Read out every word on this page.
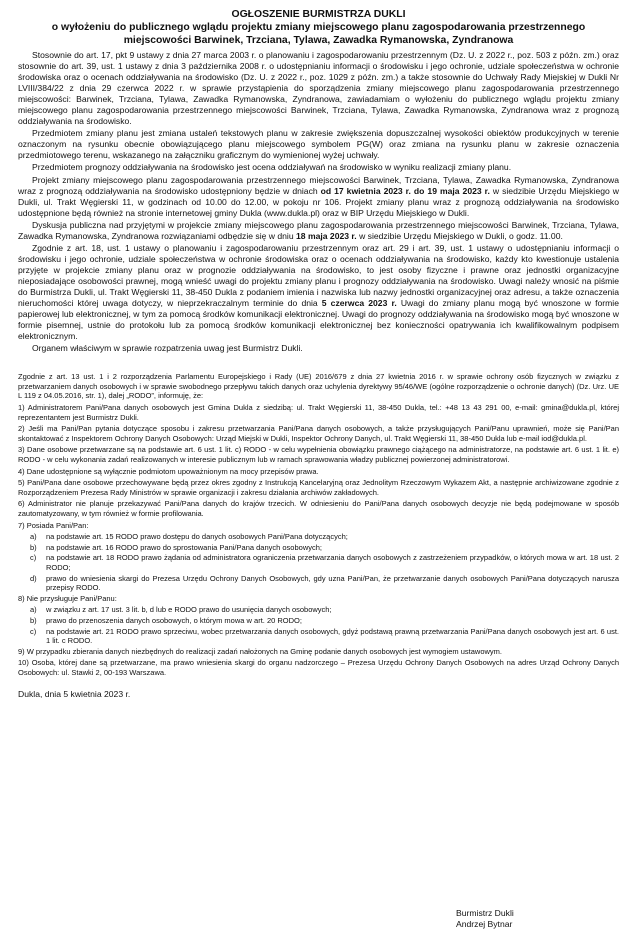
OGŁOSZENIE BURMISTRZA DUKLI
o wyłożeniu do publicznego wglądu projektu zmiany miejscowego planu zagospodarowania przestrzennego miejscowości Barwinek, Trzciana, Tylawa, Zawadka Rymanowska, Zyndranowa

Stosownie do art. 17, pkt 9 ustawy z dnia 27 marca 2003 r. o planowaniu i zagospodarowaniu przestrzennym (Dz. U. z 2022 r., poz. 503 z późn. zm.) oraz stosownie do art. 39, ust. 1 ustawy z dnia 3 października 2008 r. o udostępnianiu informacji o środowisku i jego ochronie, udziale społeczeństwa w ochronie środowiska oraz o ocenach oddziaływania na środowisko (Dz. U. z 2022 r., poz. 1029 z późn. zm.) a także stosownie do Uchwały Rady Miejskiej w Dukli Nr LVIII/384/22 z dnia 29 czerwca 2022 r. w sprawie przystąpienia do sporządzenia zmiany miejscowego planu zagospodarowania przestrzennego miejscowości: Barwinek, Trzciana, Tylawa, Zawadka Rymanowska, Zyndranowa, zawiadamiam o wyłożeniu do publicznego wglądu projektu zmiany miejscowego planu zagospodarowania przestrzennego miejscowości Barwinek, Trzciana, Tylawa, Zawadka Rymanowska, Zyndranowa wraz z prognozą oddziaływania na środowisko.

Przedmiotem zmiany planu jest zmiana ustaleń tekstowych planu w zakresie zwiększenia dopuszczalnej wysokości obiektów produkcyjnych w terenie oznaczonym na rysunku obecnie obowiązującego planu miejscowego symbolem PG(W) oraz zmiana na rysunku planu w zakresie oznaczenia przedmiotowego terenu, wskazanego na załączniku graficznym do wymienionej wyżej uchwały.

Przedmiotem prognozy oddziaływania na środowisko jest ocena oddziaływań na środowisko w wyniku realizacji zmiany planu.

Projekt zmiany miejscowego planu zagospodarowania przestrzennego miejscowości Barwinek, Trzciana, Tylawa, Zawadka Rymanowska, Zyndranowa wraz z prognozą oddziaływania na środowisko udostępniony będzie w dniach od 17 kwietnia 2023 r. do 19 maja 2023 r. w siedzibie Urzędu Miejskiego w Dukli, ul. Trakt Węgierski 11, w godzinach od 10.00 do 12.00, w pokoju nr 106. Projekt zmiany planu wraz z prognozą oddziaływania na środowisko udostępnione będą również na stronie internetowej gminy Dukla (www.dukla.pl) oraz w BIP Urzędu Miejskiego w Dukli.

Dyskusja publiczna nad przyjętymi w projekcie zmiany miejscowego planu zagospodarowania przestrzennego miejscowości Barwinek, Trzciana, Tylawa, Zawadka Rymanowska, Zyndranowa rozwiązaniami odbędzie się w dniu 18 maja 2023 r. w siedzibie Urzędu Miejskiego w Dukli, o godz. 11.00.

Zgodnie z art. 18, ust. 1 ustawy o planowaniu i zagospodarowaniu przestrzennym oraz art. 29 i art. 39, ust. 1 ustawy o udostępnianiu informacji o środowisku i jego ochronie, udziale społeczeństwa w ochronie środowiska oraz o ocenach oddziaływania na środowisko, każdy kto kwestionuje ustalenia przyjęte w projekcie zmiany planu oraz w prognozie oddziaływania na środowisko, to jest osoby fizyczne i prawne oraz jednostki organizacyjne nieposiadające osobowości prawnej, mogą wnieść uwagi do projektu zmiany planu i prognozy oddziaływania na środowisko. Uwagi należy wnosić na piśmie do Burmistrza Dukli, ul. Trakt Węgierski 11, 38-450 Dukla z podaniem imienia i nazwiska lub nazwy jednostki organizacyjnej oraz adresu, a także oznaczenia nieruchomości której uwaga dotyczy, w nieprzekraczalnym terminie do dnia 5 czerwca 2023 r. Uwagi do zmiany planu mogą być wnoszone w formie papierowej lub elektronicznej, w tym za pomocą środków komunikacji elektronicznej. Uwagi do prognozy oddziaływania na środowisko mogą być wnoszone w formie pisemnej, ustnie do protokołu lub za pomocą środków komunikacji elektronicznej bez konieczności opatrywania ich kwalifikowalnym podpisem elektronicznym.

Organem właściwym w sprawie rozpatrzenia uwag jest Burmistrz Dukli.

Zgodnie z art. 13 ust. 1 i 2 rozporządzenia Parlamentu Europejskiego i Rady (UE) 2016/679 z dnia 27 kwietnia 2016 r. w sprawie ochrony osób fizycznych w związku z przetwarzaniem danych osobowych i w sprawie swobodnego przepływu takich danych oraz uchylenia dyrektywy 95/46/WE (ogólne rozporządzenie o ochronie danych) (Dz. Urz. UE L 119 z 04.05.2016, str. 1), dalej „RODO”, informuję, że:

1) Administratorem Pani/Pana danych osobowych jest Gmina Dukla z siedzibą: ul. Trakt Węgierski 11, 38-450 Dukla, tel.: +48 13 43 291 00, e-mail: gmina@dukla.pl, której reprezentantem jest Burmistrz Dukli.

2) Jeśli ma Pani/Pan pytania dotyczące sposobu i zakresu przetwarzania Pani/Pana danych osobowych, a także przysługujących Pani/Panu uprawnień, może się Pani/Pan skontaktować z Inspektorem Ochrony Danych Osobowych: Urząd Miejski w Dukli, Inspektor Ochrony Danych, ul. Trakt Węgierski 11, 38-450 Dukla lub e-mail iod@dukla.pl.

3) Dane osobowe przetwarzane są na podstawie art. 6 ust. 1 lit. c) RODO - w celu wypełnienia obowiązku prawnego ciążącego na administratorze, na podstawie art. 6 ust. 1 lit. e) RODO - w celu wykonania zadań realizowanych w interesie publicznym lub w ramach sprawowania władzy publicznej powierzonej administratorowi.

4) Dane udostępnione są wyłącznie podmiotom upoważnionym na mocy przepisów prawa.

5) Pani/Pana dane osobowe przechowywane będą przez okres zgodny z Instrukcją Kancelaryjną oraz Jednolitym Rzeczowym Wykazem Akt, a następnie archiwizowane zgodnie z Rozporządzeniem Prezesa Rady Ministrów w sprawie organizacji i zakresu działania archiwów zakładowych.

6) Administrator nie planuje przekazywać Pani/Pana danych do krajów trzecich. W odniesieniu do Pani/Pana danych osobowych decyzje nie będą podejmowane w sposób zautomatyzowany, w tym również w formie profilowania.

7) Posiada Pani/Pan:

a) na podstawie art. 15 RODO prawo dostępu do danych osobowych Pani/Pana dotyczących;
b) na podstawie art. 16 RODO prawo do sprostowania Pani/Pana danych osobowych;
c) na podstawie art. 18 RODO prawo żądania od administratora ograniczenia przetwarzania danych osobowych z zastrzeżeniem przypadków, o których mowa w art. 18 ust. 2 RODO;
d) prawo do wniesienia skargi do Prezesa Urzędu Ochrony Danych Osobowych, gdy uzna Pani/Pan, że przetwarzanie danych osobowych Pani/Pana dotyczących narusza przepisy RODO.

8) Nie przysługuje Pani/Panu:

a) w związku z art. 17 ust. 3 lit. b, d lub e RODO prawo do usunięcia danych osobowych;
b) prawo do przenoszenia danych osobowych, o którym mowa w art. 20 RODO;
c) na podstawie art. 21 RODO prawo sprzeciwu, wobec przetwarzania danych osobowych, gdyż podstawą prawną przetwarzania Pani/Pana danych osobowych jest art. 6 ust. 1 lit. c RODO.

9) W przypadku zbierania danych niezbędnych do realizacji zadań nałożonych na Gminę podanie danych osobowych jest wymogiem ustawowym.

10) Osoba, której dane są przetwarzane, ma prawo wniesienia skargi do organu nadzorczego – Prezesa Urzędu Ochrony Danych Osobowych na adres Urząd Ochrony Danych Osobowych: ul. Stawki 2, 00-193 Warszawa.

Dukla, dnia 5 kwietnia 2023 r.
Burmistrz Dukli
Andrzej Bytnar
